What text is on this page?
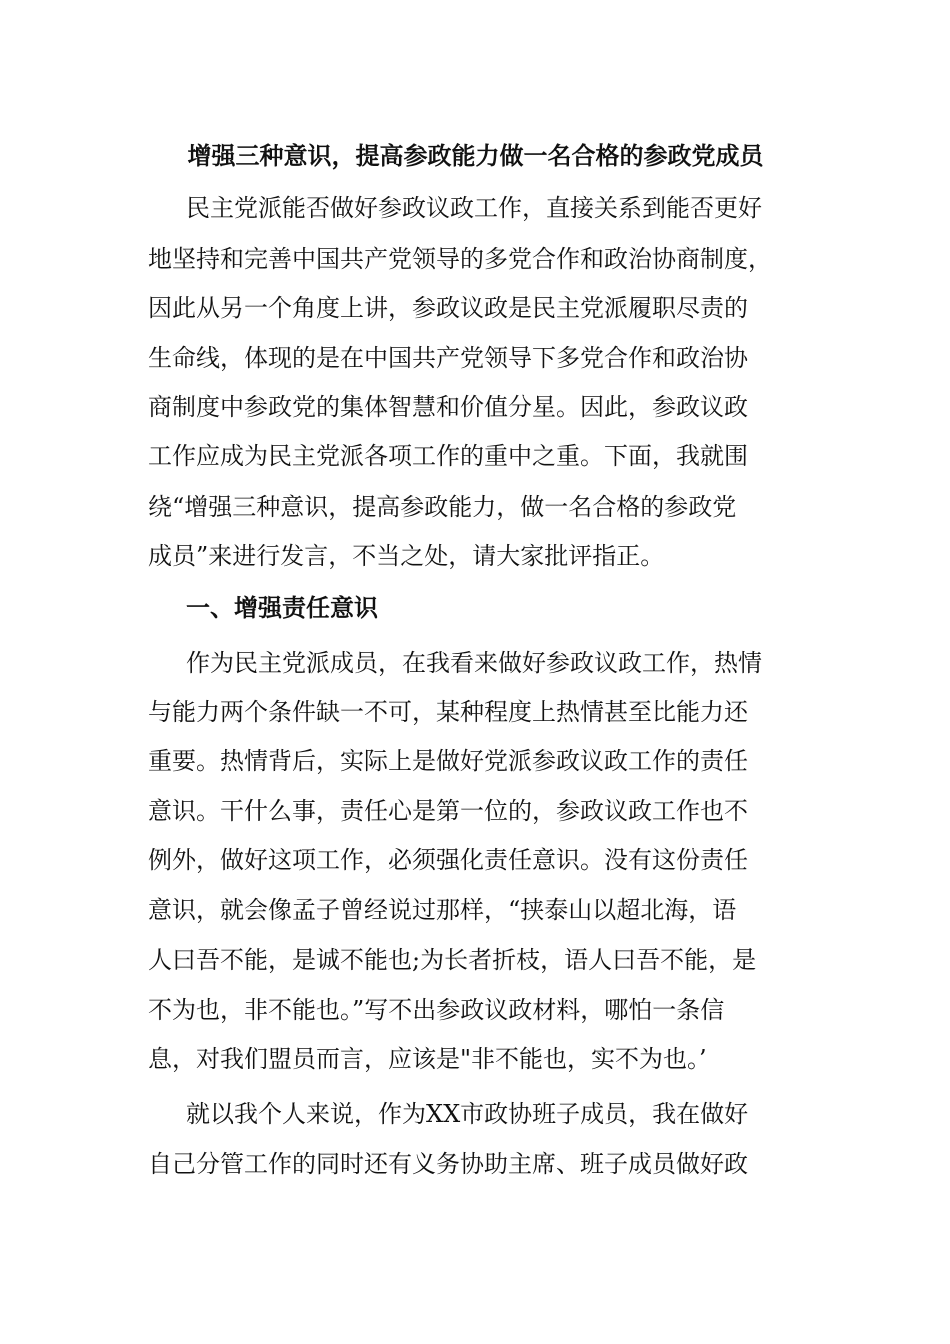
增强三种意识，提高参政能力做一名合格的参政党成员
民主党派能否做好参政议政工作，直接关系到能否更好
地坚持和完善中国共产党领导的多党合作和政治协商制度，
因此从另一个角度上讲，参政议政是民主党派履职尽责的
生命线，体现的是在中国共产党领导下多党合作和政治协
商制度中参政党的集体智慧和价值分星。因此，参政议政
工作应成为民主党派各项工作的重中之重。下面，我就围
绕“增强三种意识，提高参政能力，做一名合格的参政党
成员”来进行发言，不当之处，请大家批评指正。
一、增强责任意识
作为民主党派成员，在我看来做好参政议政工作，热情
与能力两个条件缺一不可，某种程度上热情甚至比能力还
重要。热情背后，实际上是做好党派参政议政工作的责任
意识。干什么事，责任心是第一位的，参政议政工作也不
例外，做好这项工作，必须强化责任意识。没有这份责任
意识，就会像孟子曾经说过那样，“挟泰山以超北海，语
人曰吾不能，是诚不能也;为长者折枝，语人曰吾不能，是
不为也，非不能也。”写不出参政议政材料，哪怕一条信
息，对我们盟员而言，应该是"非不能也，实不为也。’
就以我个人来说，作为XX市政协班子成员，我在做好
自己分管工作的同时还有义务协助主席、班子成员做好政
